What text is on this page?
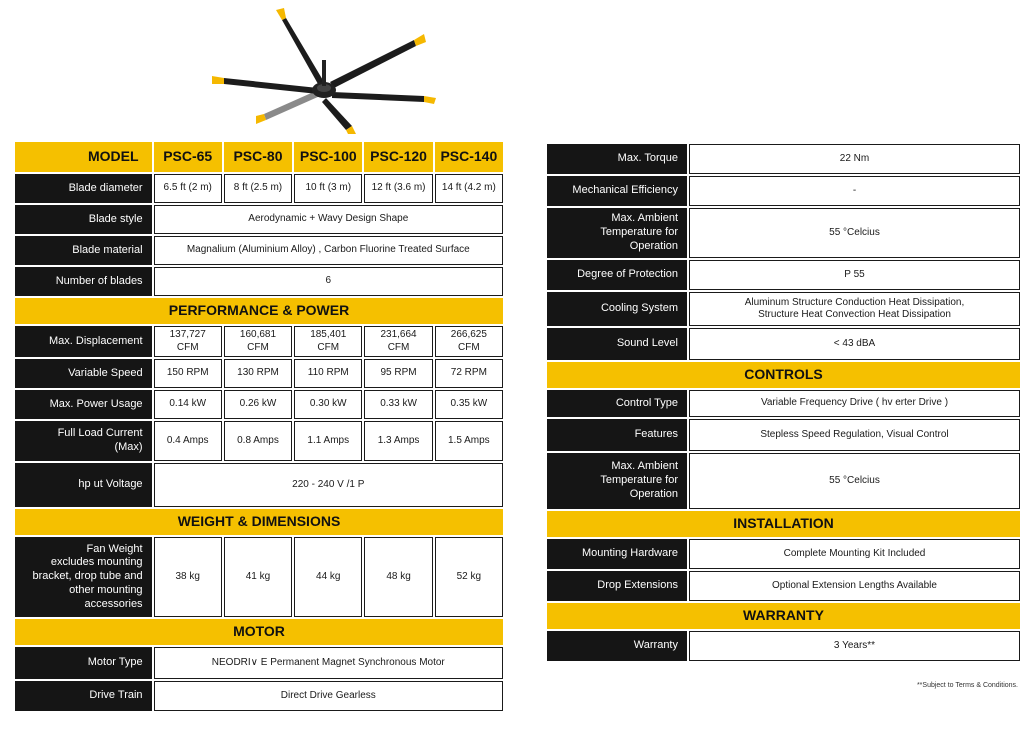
MODEL	PSC-65	PSC-80	PSC-100	PSC-120	PSC-140
Blade diameter	6.5 ft (2 m)	8 ft (2.5 m)	10 ft (3 m)	12 ft (3.6 m)	14 ft (4.2 m)
Blade style	Aerodynamic + Wavy Design Shape				
Blade material	Magnalium (Aluminium Alloy) , Carbon Fluorine Treated Surface				
Number of blades	6				
PERFORMANCE & POWER					
Max. Displacement	137,727 CFM	160,681 CFM	185,401 CFM	231,664 CFM	266,625 CFM
Variable Speed	150 RPM	130 RPM	110 RPM	95 RPM	72 RPM
Max. Power Usage	0.14 kW	0.26 kW	0.30 kW	0.33 kW	0.35 kW
Full Load Current
(Max)	0.4 Amps	0.8 Amps	1.1 Amps	1.3 Amps	1.5 Amps
hp ut Voltage	220 - 240 V /1 P				
WEIGHT & DIMENSIONS					
Fan Weight
excludes mounting
bracket, drop tube and
other mounting
accessories	38 kg	41 kg	44 kg	48 kg	52 kg
MOTOR					
Motor Type	NEODRI∨ E Permanent Magnet Synchronous Motor				
Drive Train	Direct Drive Gearless				
Max. Torque	22 Nm
Mechanical Efficiency	-
Max. Ambient
Temperature for
Operation	55 °Celcius
Degree of Protection	P 55
Cooling System	Aluminum Structure Conduction Heat Dissipation,
Structure Heat Convection Heat Dissipation
Sound Level	< 43 dBA
CONTROLS	
Control Type	Variable Frequency Drive ( hv erter Drive )
Features	Stepless Speed Regulation, Visual Control
Max. Ambient
Temperature for
Operation	55 °Celcius
INSTALLATION	
Mounting Hardware	Complete Mounting Kit Included
Drop Extensions	Optional Extension Lengths Available
WARRANTY	
Warranty	3 Years**
**Subject to Terms & Conditions.
